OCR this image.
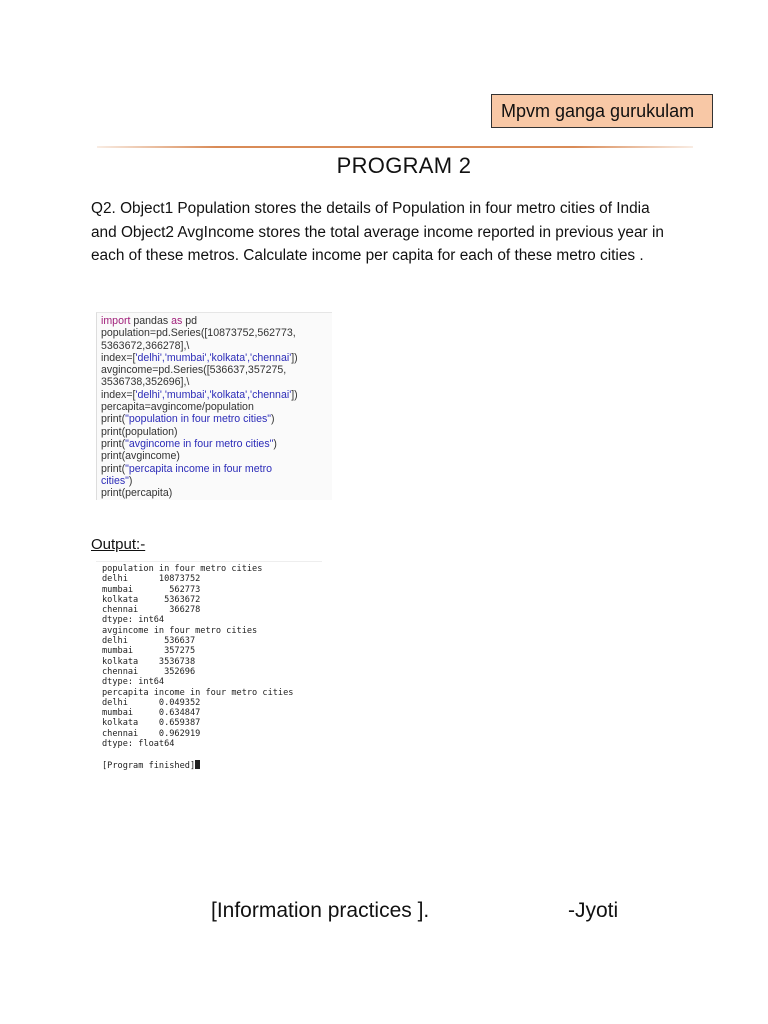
Mpvm ganga gurukulam
PROGRAM 2
Q2. Object1 Population stores the details of Population in four metro cities of India and Object2 AvgIncome stores the total average income reported in previous year in each of these metros. Calculate income per capita for each of these metro cities .
import pandas as pd
population=pd.Series([10873752,562773,
5363672,366278],\
index=['delhi','mumbai','kolkata','chennai'])
avgincome=pd.Series([536637,357275,
3536738,352696],\
index=['delhi','mumbai','kolkata','chennai'])
percapita=avgincome/population
print("population in four metro cities")
print(population)
print("avgincome in four metro cities")
print(avgincome)
print("percapita income in four metro
cities")
print(percapita)
Output:-
population in four metro cities
delhi      10873752
mumbai       562773
kolkata     5363672
chennai      366278
dtype: int64
avgincome in four metro cities
delhi       536637
mumbai      357275
kolkata    3536738
chennai     352696
dtype: int64
percapita income in four metro cities
delhi      0.049352
mumbai     0.634847
kolkata    0.659387
chennai    0.962919
dtype: float64

[Program finished]
[Information practices ].	-Jyoti
